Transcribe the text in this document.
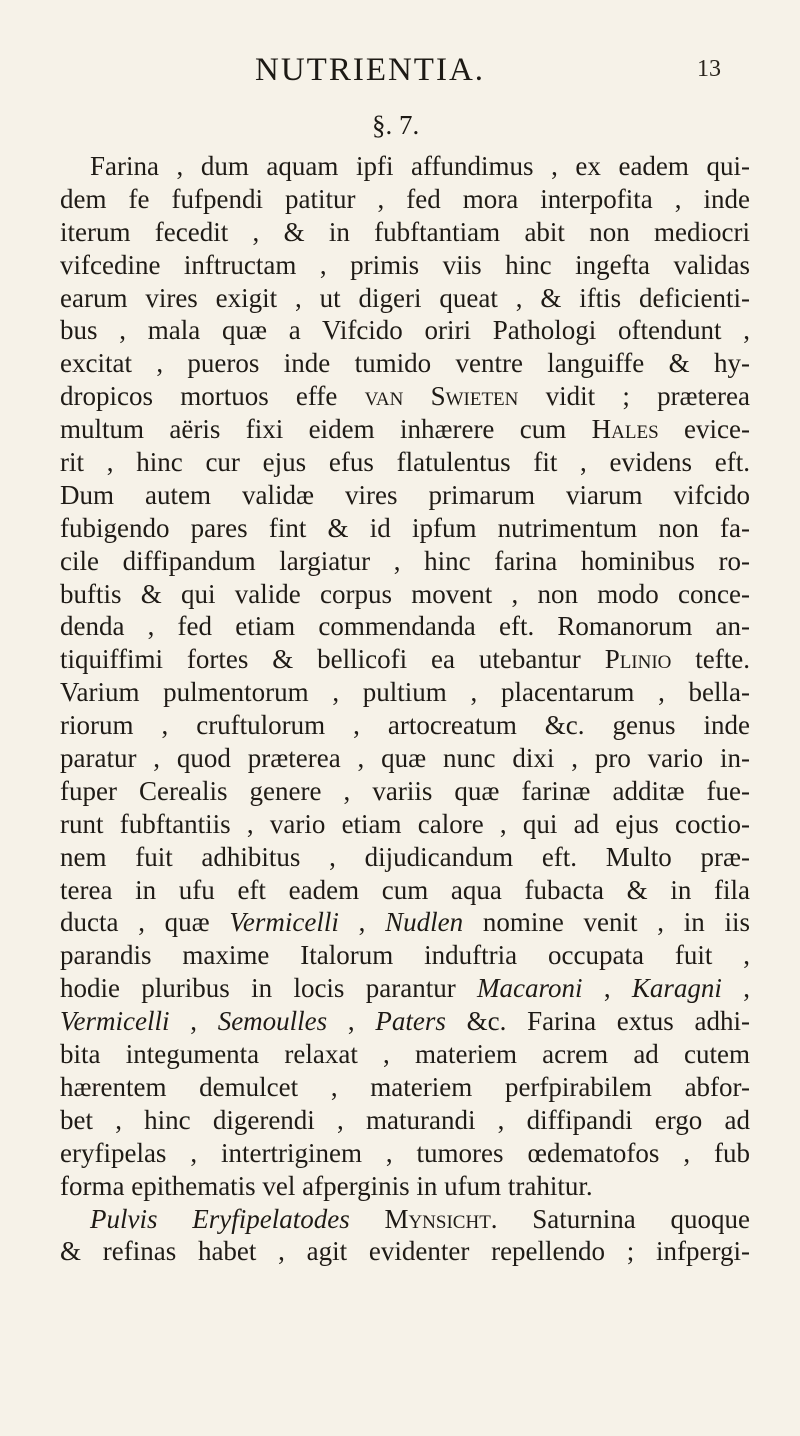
NUTRIENTIA.	13
§. 7.
Farina , dum aquam ipfi affundimus , ex eadem qui-
dem fe fufpendi patitur , fed mora interpofita , inde
iterum fecedit , & in fubftantiam abit non mediocri
vifcedine inftructam , primis viis hinc ingefta validas
earum vires exigit , ut digeri queat , & iftis deficienti-
bus , mala quæ a Vifcido oriri Pathologi oftendunt ,
excitat , pueros inde tumido ventre languiffe & hy-
dropicos mortuos effe van Swieten vidit ; præterea
multum aëris fixi eidem inhærere cum Hales evice-
rit , hinc cur ejus efus flatulentus fit , evidens eft.
Dum autem validæ vires primarum viarum vifcido
fubigendo pares fint & id ipfum nutrimentum non fa-
cile diffipandum largiatur , hinc farina hominibus ro-
buftis & qui valide corpus movent , non modo conce-
denda , fed etiam commendanda eft. Romanorum an-
tiquiffimi fortes & bellicofi ea utebantur Plinio tefte.
Varium pulmentorum , pultium , placentarum , bella-
riorum , cruftulorum , artocreatum &c. genus inde
paratur , quod præterea , quæ nunc dixi , pro vario in-
fuper Cerealis genere , variis quæ farinæ additæ fue-
runt fubftantiis , vario etiam calore , qui ad ejus coctio-
nem fuit adhibitus , dijudicandum eft. Multo præ-
terea in ufu eft eadem cum aqua fubacta & in fila
ducta , quæ Vermicelli , Nudlen nomine venit , in iis
parandis maxime Italorum induftria occupata fuit ,
hodie pluribus in locis parantur Macaroni , Karagni ,
Vermicelli , Semoulles , Paters &c. Farina extus adhi-
bita integumenta relaxat , materiem acrem ad cutem
hærentem demulcet , materiem perfpirabilem abfor-
bet , hinc digerendi , maturandi , diffipandi ergo ad
eryfipelas , intertriginem , tumores œdematofos , fub
forma epithematis vel afperginis in ufum trahitur.
Pulvis Eryfipelatodes Mynsicht. Saturnina quoque
& refinas habet , agit evidenter repellendo ; infpergi-
